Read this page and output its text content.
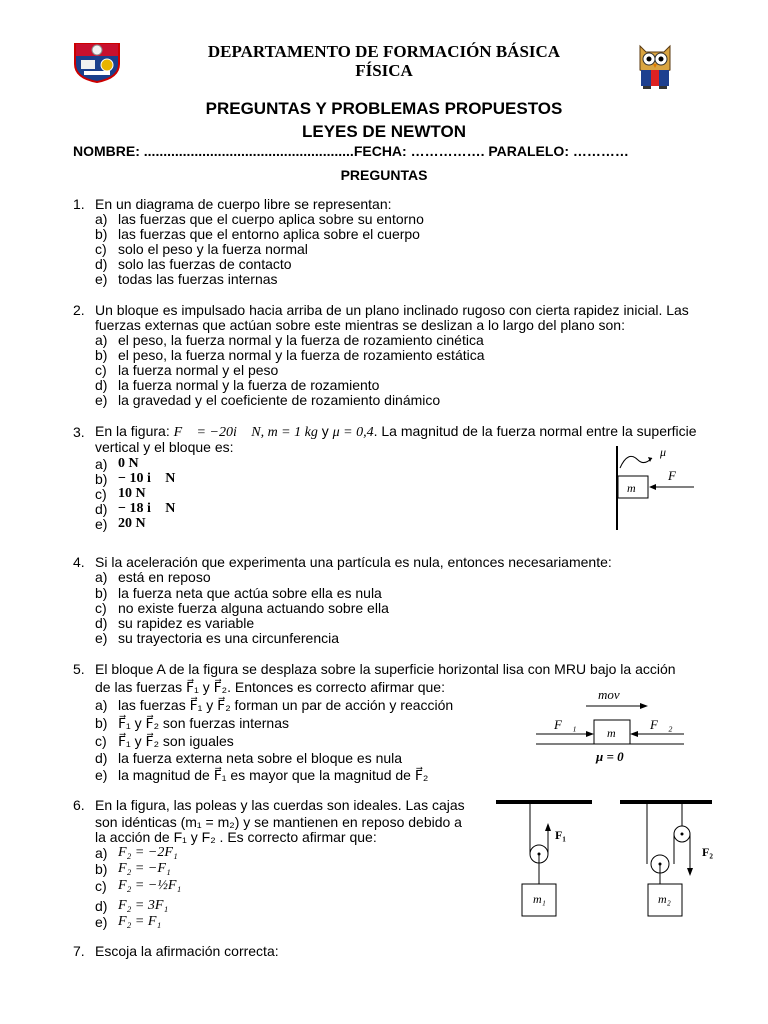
DEPARTAMENTO DE FORMACIÓN BÁSICA
FÍSICA
PREGUNTAS Y PROBLEMAS PROPUESTOS
LEYES DE NEWTON
NOMBRE: ......................................................FECHA: ……………. PARALELO: …………
PREGUNTAS
1. En un diagrama de cuerpo libre se representan:
a) las fuerzas que el cuerpo aplica sobre su entorno
b) las fuerzas que el entorno aplica sobre el cuerpo
c) solo el peso y la fuerza normal
d) solo las fuerzas de contacto
e) todas las fuerzas internas
2. Un bloque es impulsado hacia arriba de un plano inclinado rugoso con cierta rapidez inicial. Las
fuerzas externas que actúan sobre este mientras se deslizan a lo largo del plano son:
a) el peso, la fuerza normal y la fuerza de rozamiento cinética
b) el peso, la fuerza normal y la fuerza de rozamiento estática
c) la fuerza normal y el peso
d) la fuerza normal y la fuerza de rozamiento
e) la gravedad y el coeficiente de rozamiento dinámico
3. En la figura: F⃗ = −20i⃗ N, m = 1 kg y μ = 0,4. La magnitud de la fuerza normal entre la superficie
vertical y el bloque es:
a) 0 N
b) − 10 i⃗ N
c) 10 N
d) − 18 i⃗ N
e) 20 N
m
μ
F⃗
4. Si la aceleración que experimenta una partícula es nula, entonces necesariamente:
a) está en reposo
b) la fuerza neta que actúa sobre ella es nula
c) no existe fuerza alguna actuando sobre ella
d) su rapidez es variable
e) su trayectoria es una circunferencia
5. El bloque A de la figura se desplaza sobre la superficie horizontal lisa con MRU bajo la acción
de las fuerzas F⃗₁ y F⃗₂. Entonces es correcto afirmar que:
a) las fuerzas F⃗₁ y F⃗₂ forman un par de acción y reacción
b) F⃗₁ y F⃗₂ son fuerzas internas
c) F⃗₁ y F⃗₂ son iguales
d) la fuerza externa neta sobre el bloque es nula
e) la magnitud de F⃗₁ es mayor que la magnitud de F⃗₂
mov
F⃗₁	F⃗₂
m
μ = 0
6. En la figura, las poleas y las cuerdas son ideales. Las cajas
son idénticas (m₁ = m₂) y se mantienen en reposo debido a
la acción de F₁ y F₂ . Es correcto afirmar que:
a) F₂ = −2F₁
b) F₂ = −F₁
c) F₂ = −½F₁
d) F₂ = 3F₁
e) F₂ = F₁
F₁
m₁
F₂
m₂
7. Escoja la afirmación correcta:
